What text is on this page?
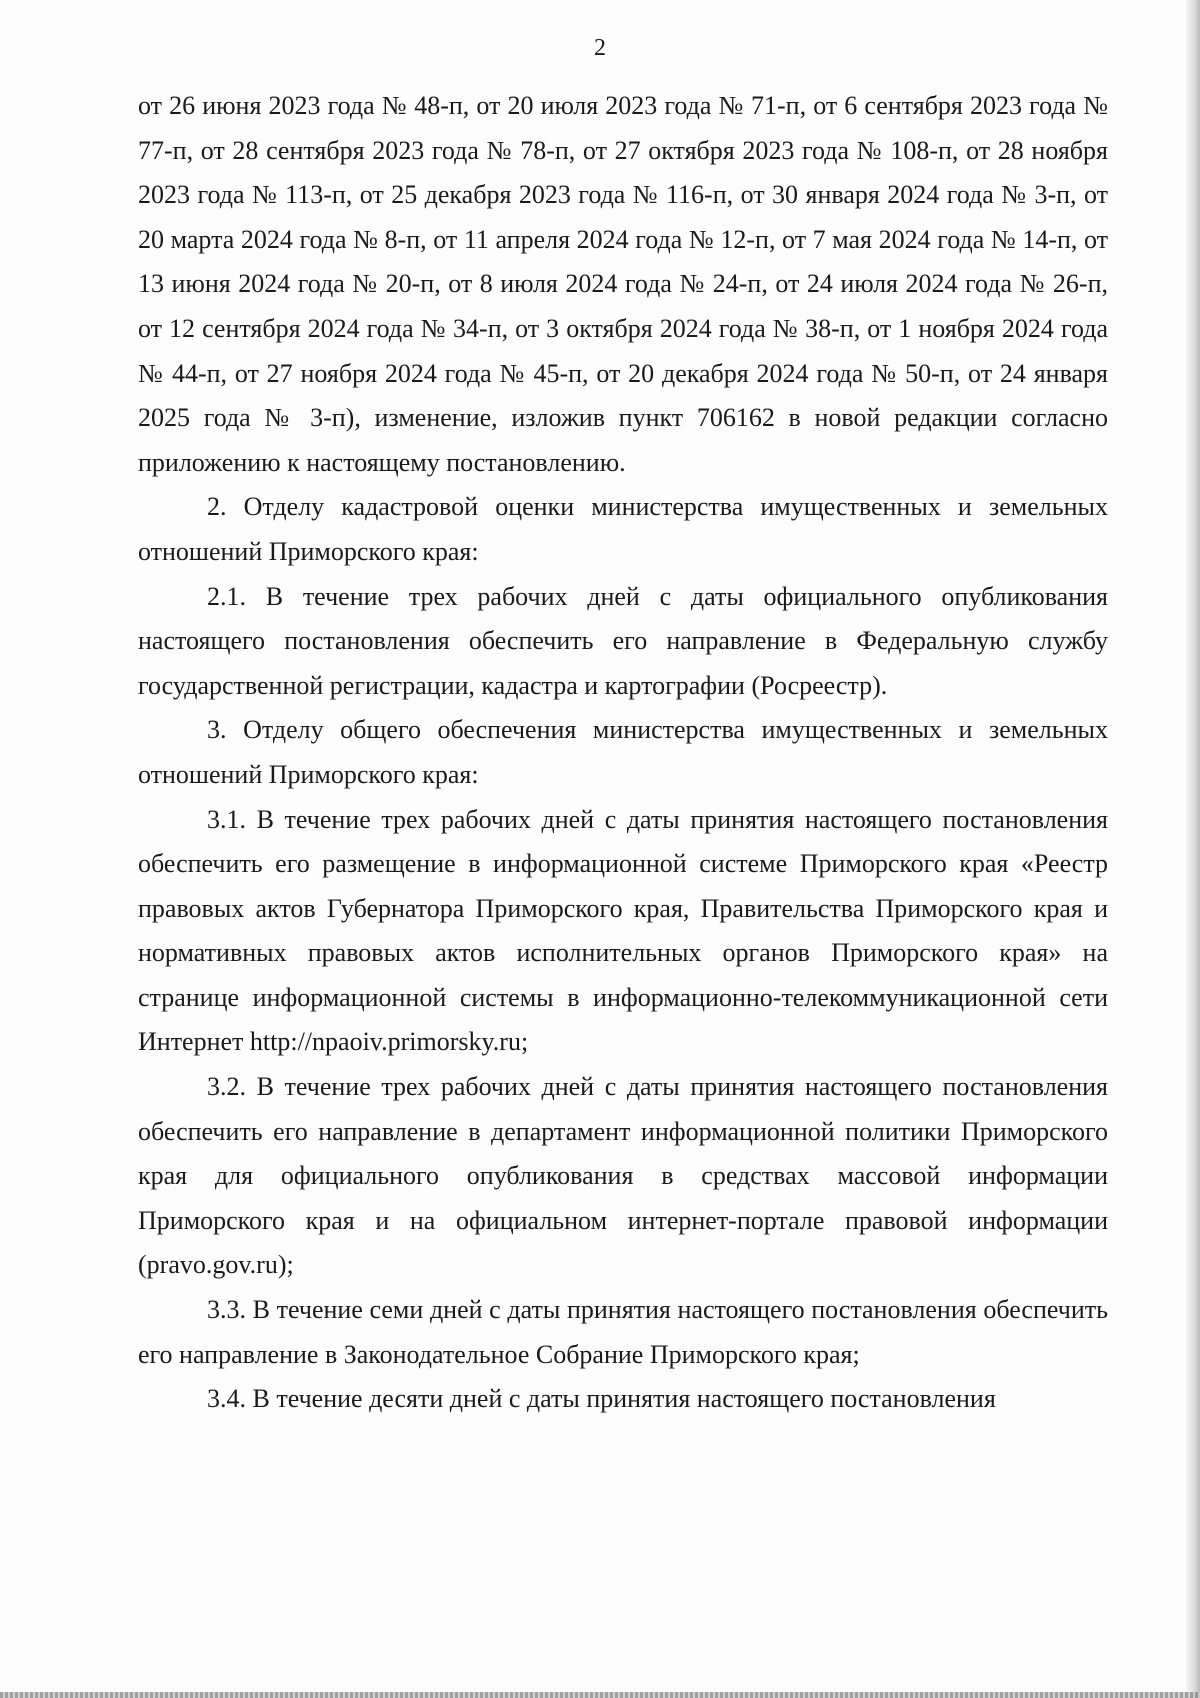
2

от 26 июня 2023 года № 48-п, от 20 июля 2023 года № 71-п, от 6 сентября 2023 года № 77-п, от 28 сентября 2023 года № 78-п, от 27 октября 2023 года № 108-п, от 28 ноября 2023 года № 113-п, от 25 декабря 2023 года № 116-п, от 30 января 2024 года № 3-п, от 20 марта 2024 года № 8-п, от 11 апреля 2024 года № 12-п, от 7 мая 2024 года № 14-п, от 13 июня 2024 года № 20-п, от 8 июля 2024 года № 24-п, от 24 июля 2024 года № 26-п, от 12 сентября 2024 года № 34-п, от 3 октября 2024 года № 38-п, от 1 ноября 2024 года № 44-п, от 27 ноября 2024 года № 45-п, от 20 декабря 2024 года № 50-п, от 24 января 2025 года № 3-п), изменение, изложив пункт 706162 в новой редакции согласно приложению к настоящему постановлению.

2. Отделу кадастровой оценки министерства имущественных и земельных отношений Приморского края:

2.1. В течение трех рабочих дней с даты официального опубликования настоящего постановления обеспечить его направление в Федеральную службу государственной регистрации, кадастра и картографии (Росреестр).

3. Отделу общего обеспечения министерства имущественных и земельных отношений Приморского края:

3.1. В течение трех рабочих дней с даты принятия настоящего постановления обеспечить его размещение в информационной системе Приморского края «Реестр правовых актов Губернатора Приморского края, Правительства Приморского края и нормативных правовых актов исполнительных органов Приморского края» на странице информационной системы в информационно-телекоммуникационной сети Интернет http://npaoiv.primorsky.ru;

3.2. В течение трех рабочих дней с даты принятия настоящего постановления обеспечить его направление в департамент информационной политики Приморского края для официального опубликования в средствах массовой информации Приморского края и на официальном интернет-портале правовой информации (pravo.gov.ru);

3.3. В течение семи дней с даты принятия настоящего постановления обеспечить его направление в Законодательное Собрание Приморского края;

3.4. В течение десяти дней с даты принятия настоящего постановления
